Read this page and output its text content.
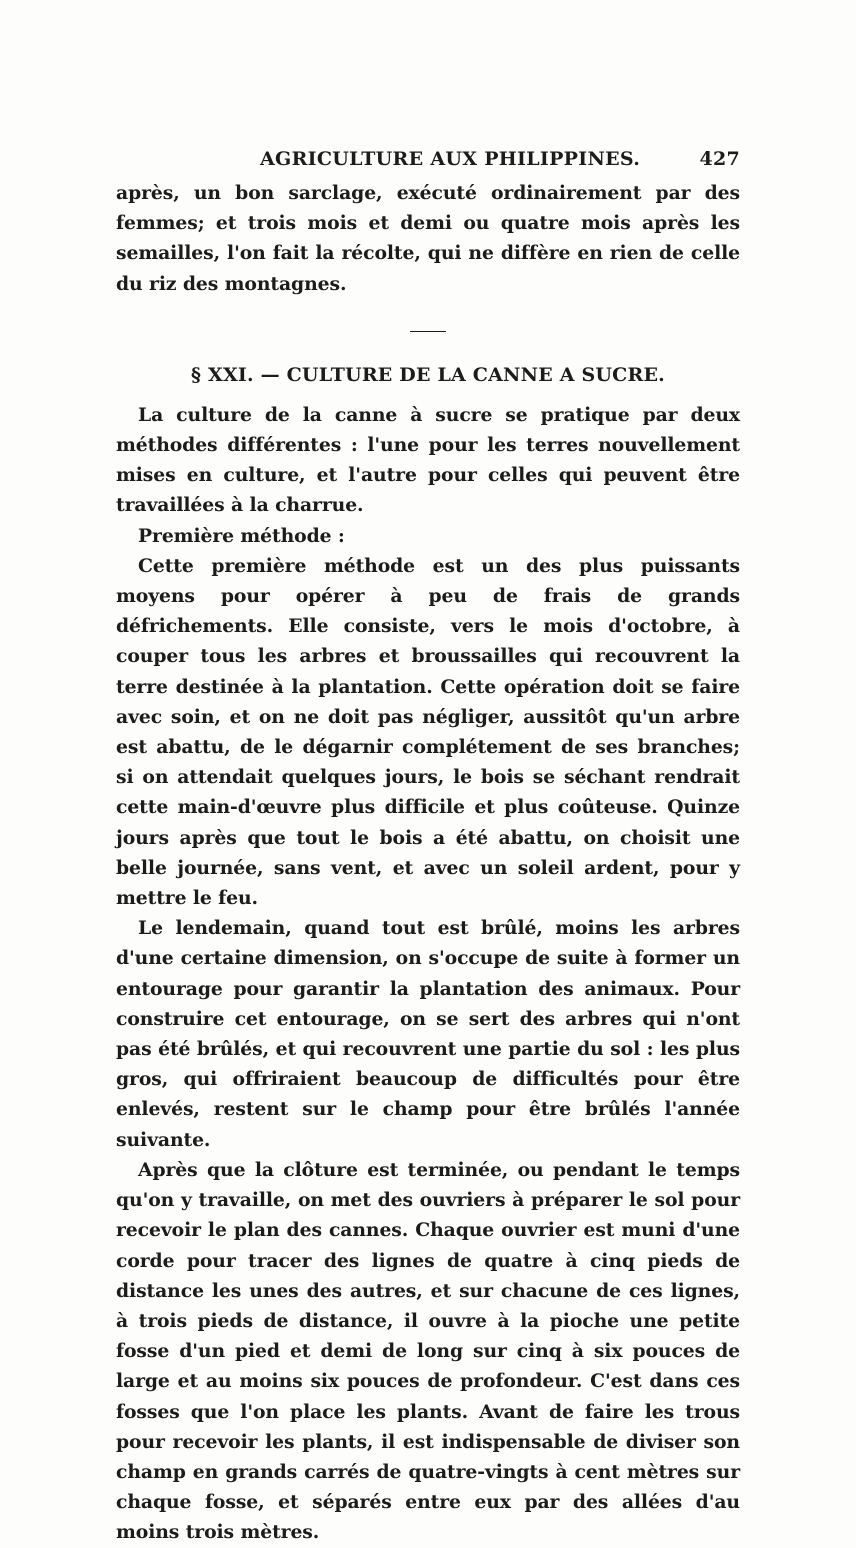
AGRICULTURE AUX PHILIPPINES.	427

après, un bon sarclage, exécuté ordinairement par des femmes; et trois mois et demi ou quatre mois après les semailles, l'on fait la récolte, qui ne diffère en rien de celle du riz des montagnes.

§ XXI. — CULTURE DE LA CANNE A SUCRE.

La culture de la canne à sucre se pratique par deux méthodes différentes : l'une pour les terres nouvellement mises en culture, et l'autre pour celles qui peuvent être travaillées à la charrue.

Première méthode :

Cette première méthode est un des plus puissants moyens pour opérer à peu de frais de grands défrichements. Elle consiste, vers le mois d'octobre, à couper tous les arbres et broussailles qui recouvrent la terre destinée à la plantation. Cette opération doit se faire avec soin, et on ne doit pas négliger, aussitôt qu'un arbre est abattu, de le dégarnir complétement de ses branches; si on attendait quelques jours, le bois se séchant rendrait cette main-d'œuvre plus difficile et plus coûteuse. Quinze jours après que tout le bois a été abattu, on choisit une belle journée, sans vent, et avec un soleil ardent, pour y mettre le feu.

Le lendemain, quand tout est brûlé, moins les arbres d'une certaine dimension, on s'occupe de suite à former un entourage pour garantir la plantation des animaux. Pour construire cet entourage, on se sert des arbres qui n'ont pas été brûlés, et qui recouvrent une partie du sol : les plus gros, qui offriraient beaucoup de difficultés pour être enlevés, restent sur le champ pour être brûlés l'année suivante.

Après que la clôture est terminée, ou pendant le temps qu'on y travaille, on met des ouvriers à préparer le sol pour recevoir le plan des cannes. Chaque ouvrier est muni d'une corde pour tracer des lignes de quatre à cinq pieds de distance les unes des autres, et sur chacune de ces lignes, à trois pieds de distance, il ouvre à la pioche une petite fosse d'un pied et demi de long sur cinq à six pouces de large et au moins six pouces de profondeur. C'est dans ces fosses que l'on place les plants. Avant de faire les trous pour recevoir les plants, il est indispensable de diviser son champ en grands carrés de quatre-vingts à cent mètres sur chaque fosse, et séparés entre eux par des allées d'au moins trois mètres.
